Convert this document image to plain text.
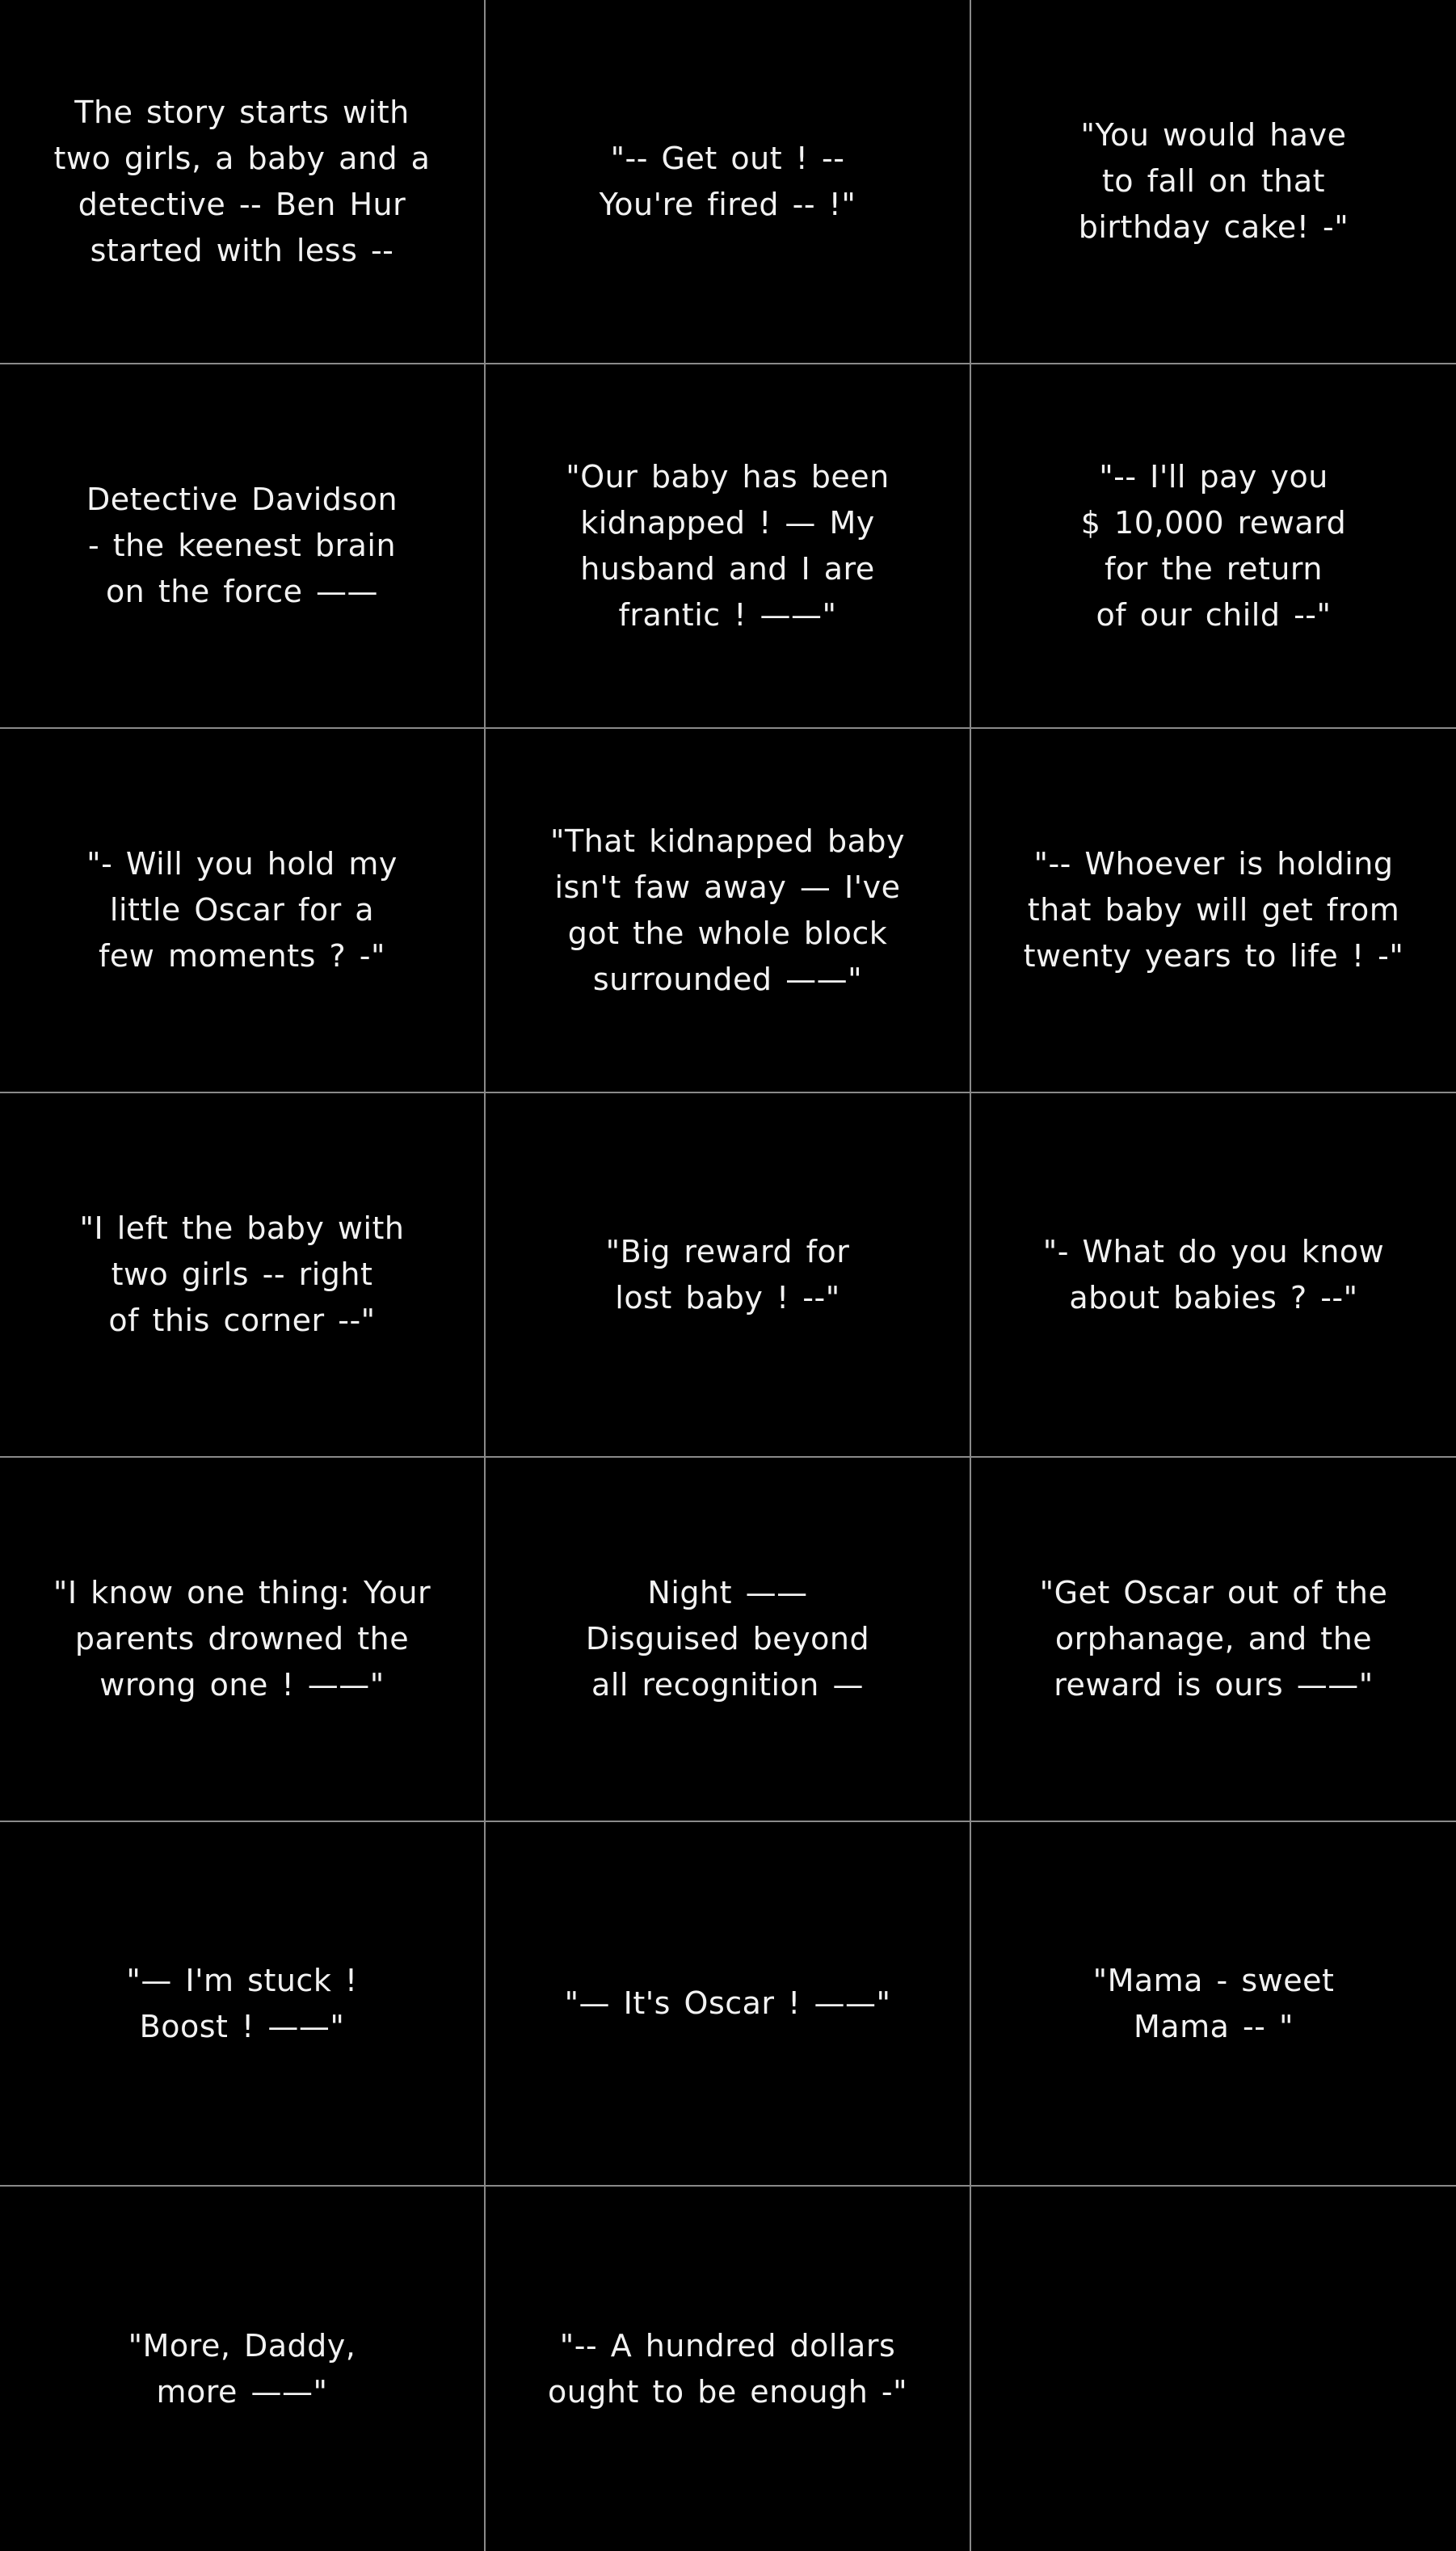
The story starts with
two girls, a baby and a
detective -- Ben Hur
started with less --
"-- Get out ! --
You're fired -- !"
"You would have
to fall on that
birthday cake! -"
Detective Davidson
- the keenest brain
on the force ——
"Our baby has been
kidnapped ! — My
husband and I are
frantic ! ——"
"-- I'll pay you
$ 10,000 reward
for the return
of our child --"
"- Will you hold my
little Oscar for a
few moments ? -"
"That kidnapped baby
isn't faw away — I've
got the whole block
surrounded ——"
"-- Whoever is holding
that baby will get from
twenty years to life ! -"
"I left the baby with
two girls -- right
of this corner --"
"Big reward for
lost baby ! --"
"- What do you know
about babies ? --"
"I know one thing: Your
parents drowned the
wrong one ! ——"
Night ——
Disguised beyond
all recognition —
"Get Oscar out of the
orphanage, and the
reward is ours ——"
"— I'm stuck !
Boost ! ——"
"— It's Oscar ! ——"
"Mama - sweet
Mama -- "
"More, Daddy,
more ——"
"-- A hundred dollars
ought to be enough -"
